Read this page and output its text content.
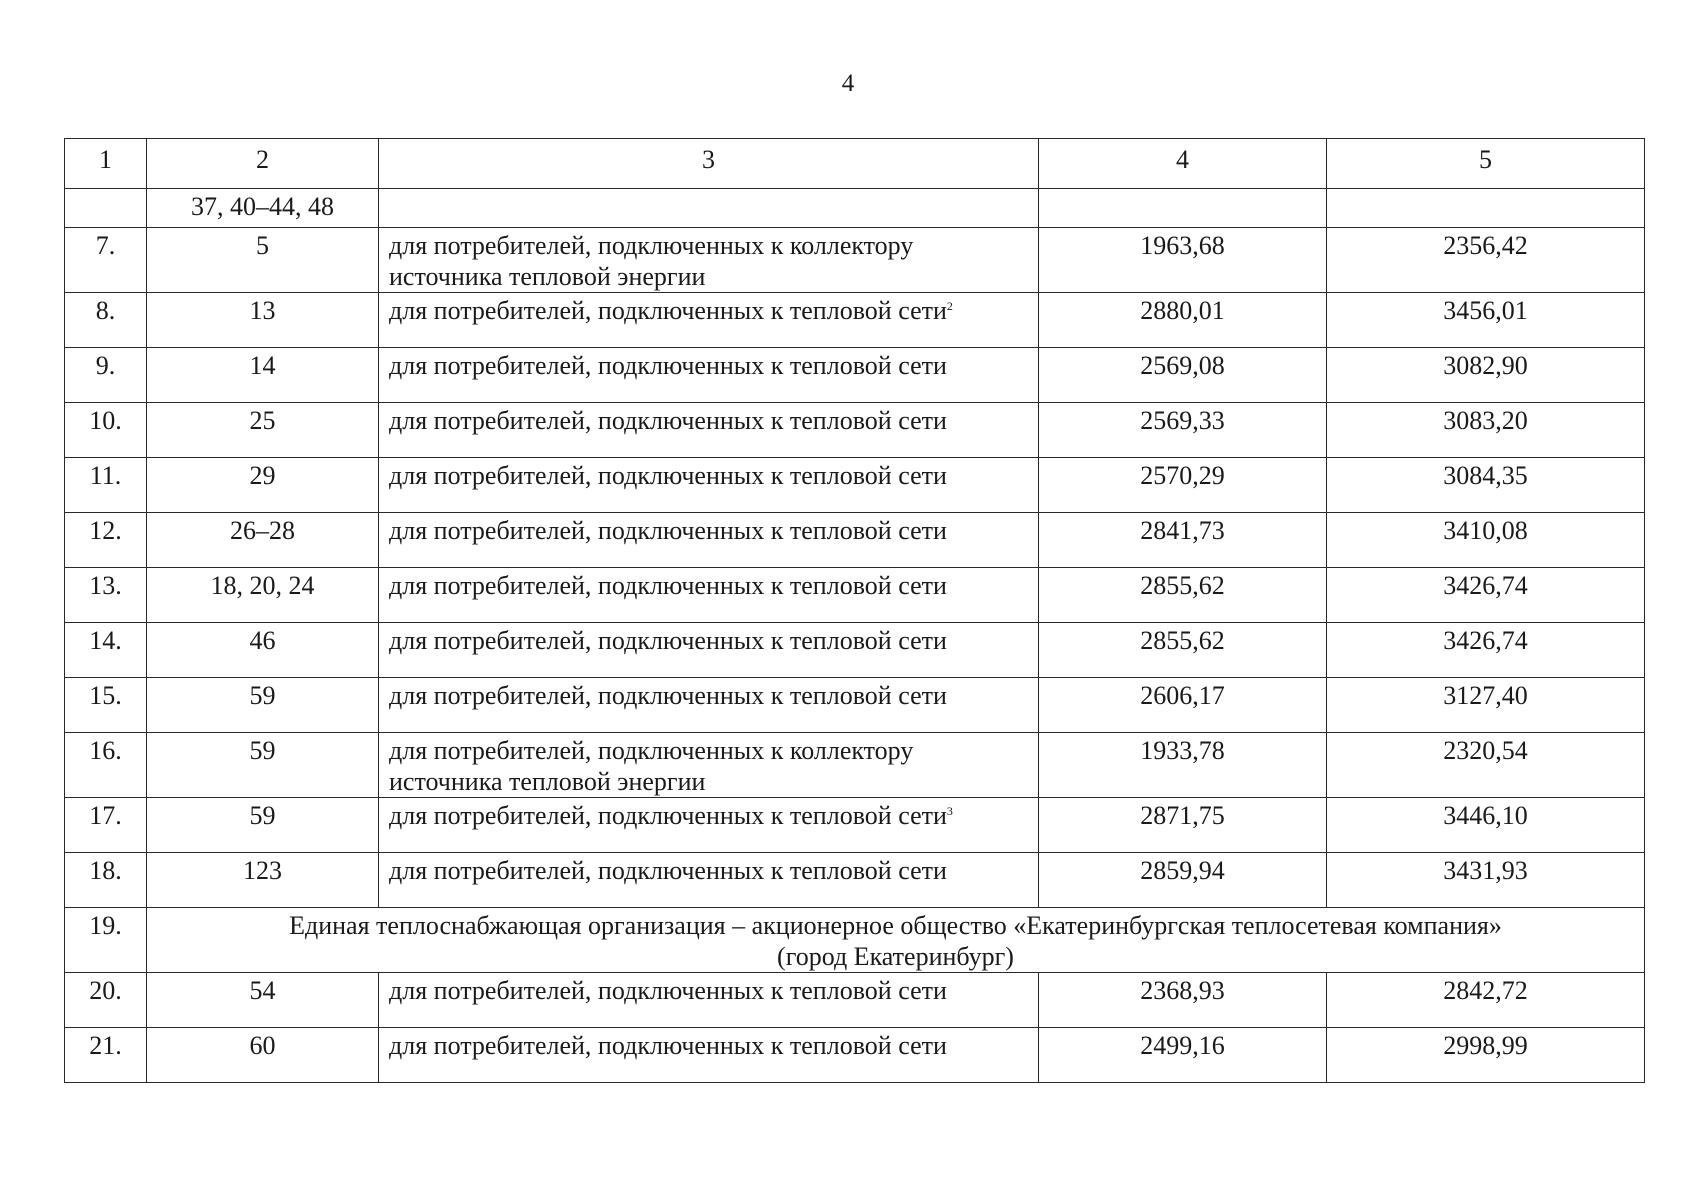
4
1	2	3	4	5
	37, 40–44, 48			
7.	5	для потребителей, подключенных к коллектору источника тепловой энергии	1963,68	2356,42
8.	13	для потребителей, подключенных к тепловой сети$^2$	2880,01	3456,01
9.	14	для потребителей, подключенных к тепловой сети	2569,08	3082,90
10.	25	для потребителей, подключенных к тепловой сети	2569,33	3083,20
11.	29	для потребителей, подключенных к тепловой сети	2570,29	3084,35
12.	26–28	для потребителей, подключенных к тепловой сети	2841,73	3410,08
13.	18, 20, 24	для потребителей, подключенных к тепловой сети	2855,62	3426,74
14.	46	для потребителей, подключенных к тепловой сети	2855,62	3426,74
15.	59	для потребителей, подключенных к тепловой сети	2606,17	3127,40
16.	59	для потребителей, подключенных к коллектору источника тепловой энергии	1933,78	2320,54
17.	59	для потребителей, подключенных к тепловой сети$^3$	2871,75	3446,10
18.	123	для потребителей, подключенных к тепловой сети	2859,94	3431,93
19.	Единая теплоснабжающая организация – акционерное общество «Екатеринбургская теплосетевая компания»
(город Екатеринбург)			

20.	54	для потребителей, подключенных к тепловой сети	2368,93	2842,72
21.	60	для потребителей, подключенных к тепловой сети	2499,16	2998,99
